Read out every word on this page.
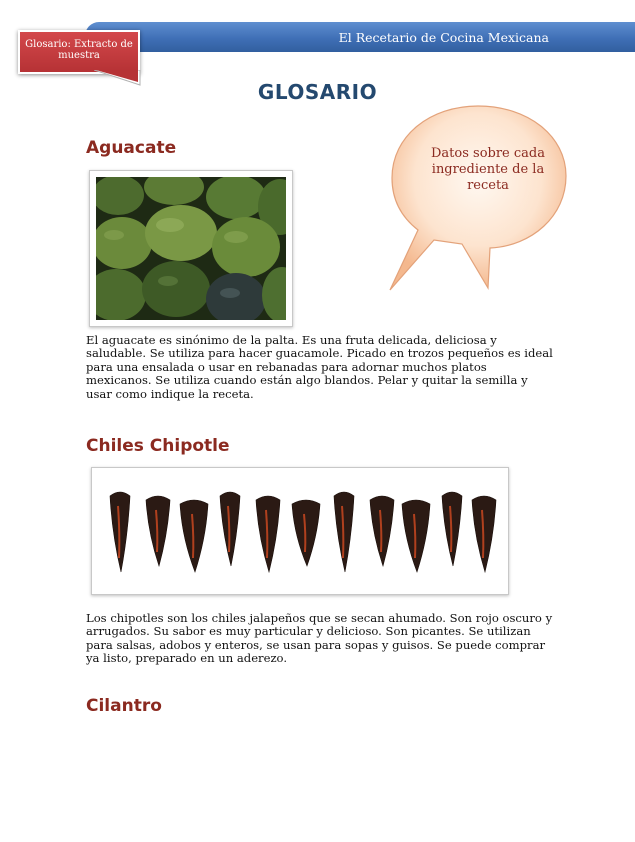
El Recetario de Cocina Mexicana
Glosario: Extracto de muestra
GLOSARIO
Datos sobre cada ingrediente de la receta
Aguacate
El aguacate es sinónimo de la palta. Es una fruta delicada, deliciosa y saludable. Se utiliza para hacer guacamole. Picado en trozos pequeños es ideal para una ensalada o usar en rebanadas para adornar muchos platos mexicanos. Se utiliza cuando están algo blandos. Pelar y quitar la semilla y usar como indique la receta.
Chiles Chipotle
Los chipotles son los chiles jalapeños que se secan ahumado. Son rojo oscuro y arrugados. Su sabor es muy particular y delicioso. Son picantes. Se utilizan para salsas, adobos y enteros, se usan para sopas y guisos. Se puede comprar ya listo, preparado en un aderezo.
Cilantro
